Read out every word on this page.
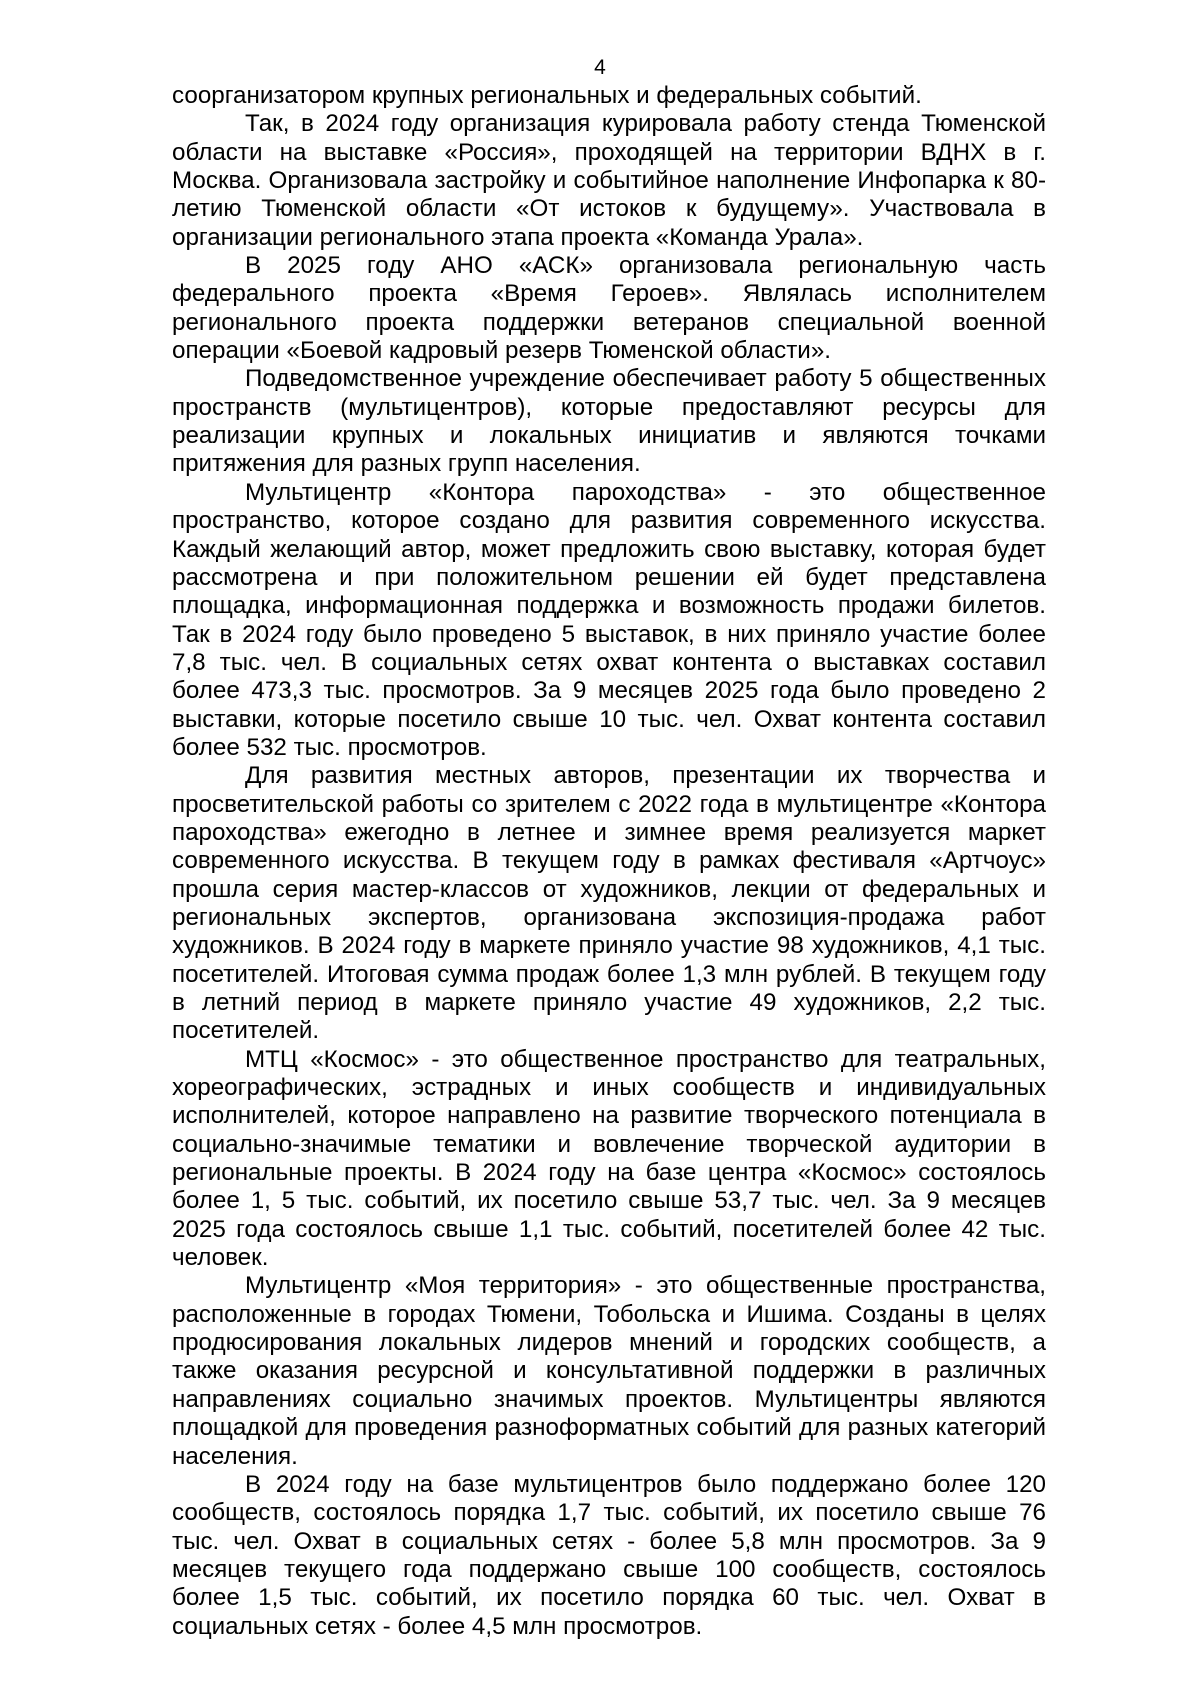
4

соорганизатором крупных региональных и федеральных событий.

Так, в 2024 году организация курировала работу стенда Тюменской области на выставке «Россия», проходящей на территории ВДНХ в г. Москва. Организовала застройку и событийное наполнение Инфопарка к 80-летию Тюменской области «От истоков к будущему». Участвовала в организации регионального этапа проекта «Команда Урала».

В 2025 году АНО «АСК» организовала региональную часть федерального проекта «Время Героев». Являлась исполнителем регионального проекта поддержки ветеранов специальной военной операции «Боевой кадровый резерв Тюменской области».

Подведомственное учреждение обеспечивает работу 5 общественных пространств (мультицентров), которые предоставляют ресурсы для реализации крупных и локальных инициатив и являются точками притяжения для разных групп населения.

Мультицентр «Контора пароходства» - это общественное пространство, которое создано для развития современного искусства. Каждый желающий автор, может предложить свою выставку, которая будет рассмотрена и при положительном решении ей будет представлена площадка, информационная поддержка и возможность продажи билетов. Так в 2024 году было проведено 5 выставок, в них приняло участие более 7,8 тыс. чел. В социальных сетях охват контента о выставках составил более 473,3 тыс. просмотров. За 9 месяцев 2025 года было проведено 2 выставки, которые посетило свыше 10 тыс. чел. Охват контента составил более 532 тыс. просмотров.

Для развития местных авторов, презентации их творчества и просветительской работы со зрителем с 2022 года в мультицентре «Контора пароходства» ежегодно в летнее и зимнее время реализуется маркет современного искусства. В текущем году в рамках фестиваля «Артчоус» прошла серия мастер-классов от художников, лекции от федеральных и региональных экспертов, организована экспозиция-продажа работ художников. В 2024 году в маркете приняло участие 98 художников, 4,1 тыс. посетителей. Итоговая сумма продаж более 1,3 млн рублей. В текущем году в летний период в маркете приняло участие 49 художников, 2,2 тыс. посетителей.

МТЦ «Космос» - это общественное пространство для театральных, хореографических, эстрадных и иных сообществ и индивидуальных исполнителей, которое направлено на развитие творческого потенциала в социально-значимые тематики и вовлечение творческой аудитории в региональные проекты. В 2024 году на базе центра «Космос» состоялось более 1, 5 тыс. событий, их посетило свыше 53,7 тыс. чел. За 9 месяцев 2025 года состоялось свыше 1,1 тыс. событий, посетителей более 42 тыс. человек.

Мультицентр «Моя территория» - это общественные пространства, расположенные в городах Тюмени, Тобольска и Ишима. Созданы в целях продюсирования локальных лидеров мнений и городских сообществ, а также оказания ресурсной и консультативной поддержки в различных направлениях социально значимых проектов. Мультицентры являются площадкой для проведения разноформатных событий для разных категорий населения.

В 2024 году на базе мультицентров было поддержано более 120 сообществ, состоялось порядка 1,7 тыс. событий, их посетило свыше 76 тыс. чел. Охват в социальных сетях - более 5,8 млн просмотров. За 9 месяцев текущего года поддержано свыше 100 сообществ, состоялось более 1,5 тыс. событий, их посетило порядка 60 тыс. чел. Охват в социальных сетях - более 4,5 млн просмотров.
